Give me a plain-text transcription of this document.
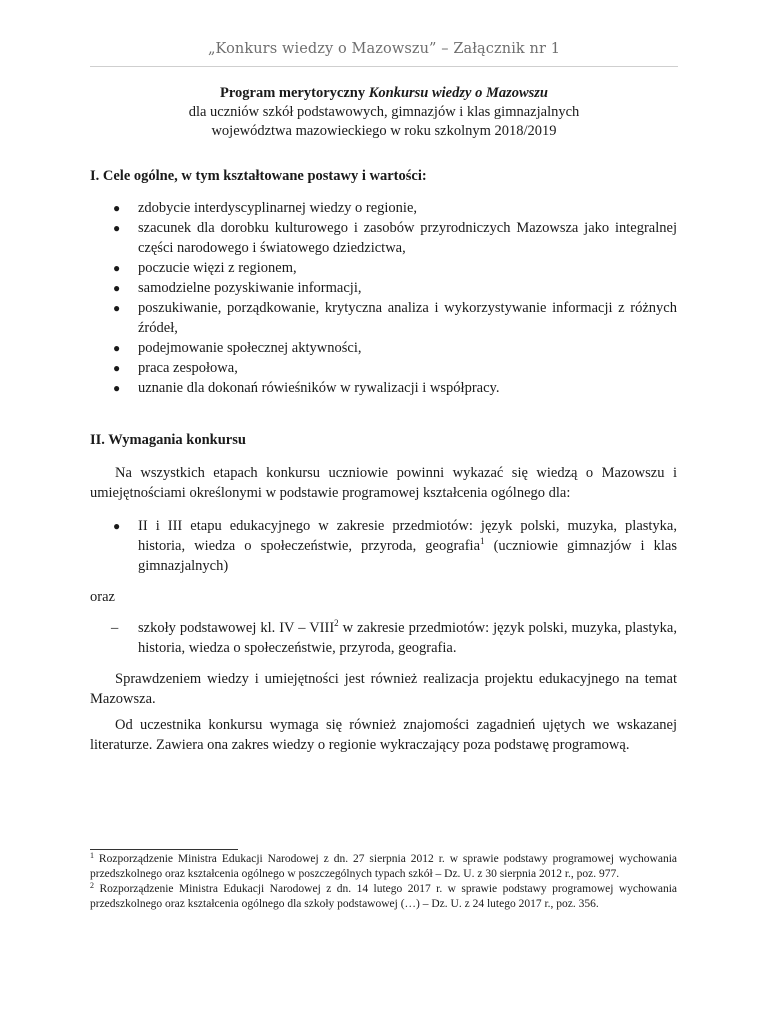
„Konkurs wiedzy o Mazowszu” – Załącznik nr 1
Program merytoryczny Konkursu wiedzy o Mazowszu
dla uczniów szkół podstawowych, gimnazjów i klas gimnazjalnych
województwa mazowieckiego w roku szkolnym 2018/2019
I. Cele ogólne, w tym kształtowane postawy i wartości:
● zdobycie interdyscyplinarnej wiedzy o regionie,
● szacunek dla dorobku kulturowego i zasobów przyrodniczych Mazowsza jako integralnej części narodowego i światowego dziedzictwa,
● poczucie więzi z regionem,
● samodzielne pozyskiwanie informacji,
● poszukiwanie, porządkowanie, krytyczna analiza i wykorzystywanie informacji z różnych źródeł,
● podejmowanie społecznej aktywności,
● praca zespołowa,
● uznanie dla dokonań rówieśników w rywalizacji i współpracy.
II. Wymagania konkursu

Na wszystkich etapach konkursu uczniowie powinni wykazać się wiedzą o Mazowszu i umiejętnościami określonymi w podstawie programowej kształcenia ogólnego dla:

● II i III etapu edukacyjnego w zakresie przedmiotów: język polski, muzyka, plastyka, historia, wiedza o społeczeństwie, przyroda, geografia$^1$ (uczniowie gimnazjów i klas gimnazjalnych)

oraz

– szkoły podstawowej kl. IV – VIII$^2$ w zakresie przedmiotów: język polski, muzyka, plastyka, historia, wiedza o społeczeństwie, przyroda, geografia.

Sprawdzeniem wiedzy i umiejętności jest również realizacja projektu edukacyjnego na temat Mazowsza.

Od uczestnika konkursu wymaga się również znajomości zagadnień ujętych we wskazanej literaturze. Zawiera ona zakres wiedzy o regionie wykraczający poza podstawę programową.

$^1$ Rozporządzenie Ministra Edukacji Narodowej z dn. 27 sierpnia 2012 r. w sprawie podstawy programowej wychowania przedszkolnego oraz kształcenia ogólnego w poszczególnych typach szkół – Dz. U. z 30 sierpnia 2012 r., poz. 977.

$^2$ Rozporządzenie Ministra Edukacji Narodowej z dn. 14 lutego 2017 r. w sprawie podstawy programowej wychowania przedszkolnego oraz kształcenia ogólnego dla szkoły podstawowej (…) – Dz. U. z 24 lutego 2017 r., poz. 356.
